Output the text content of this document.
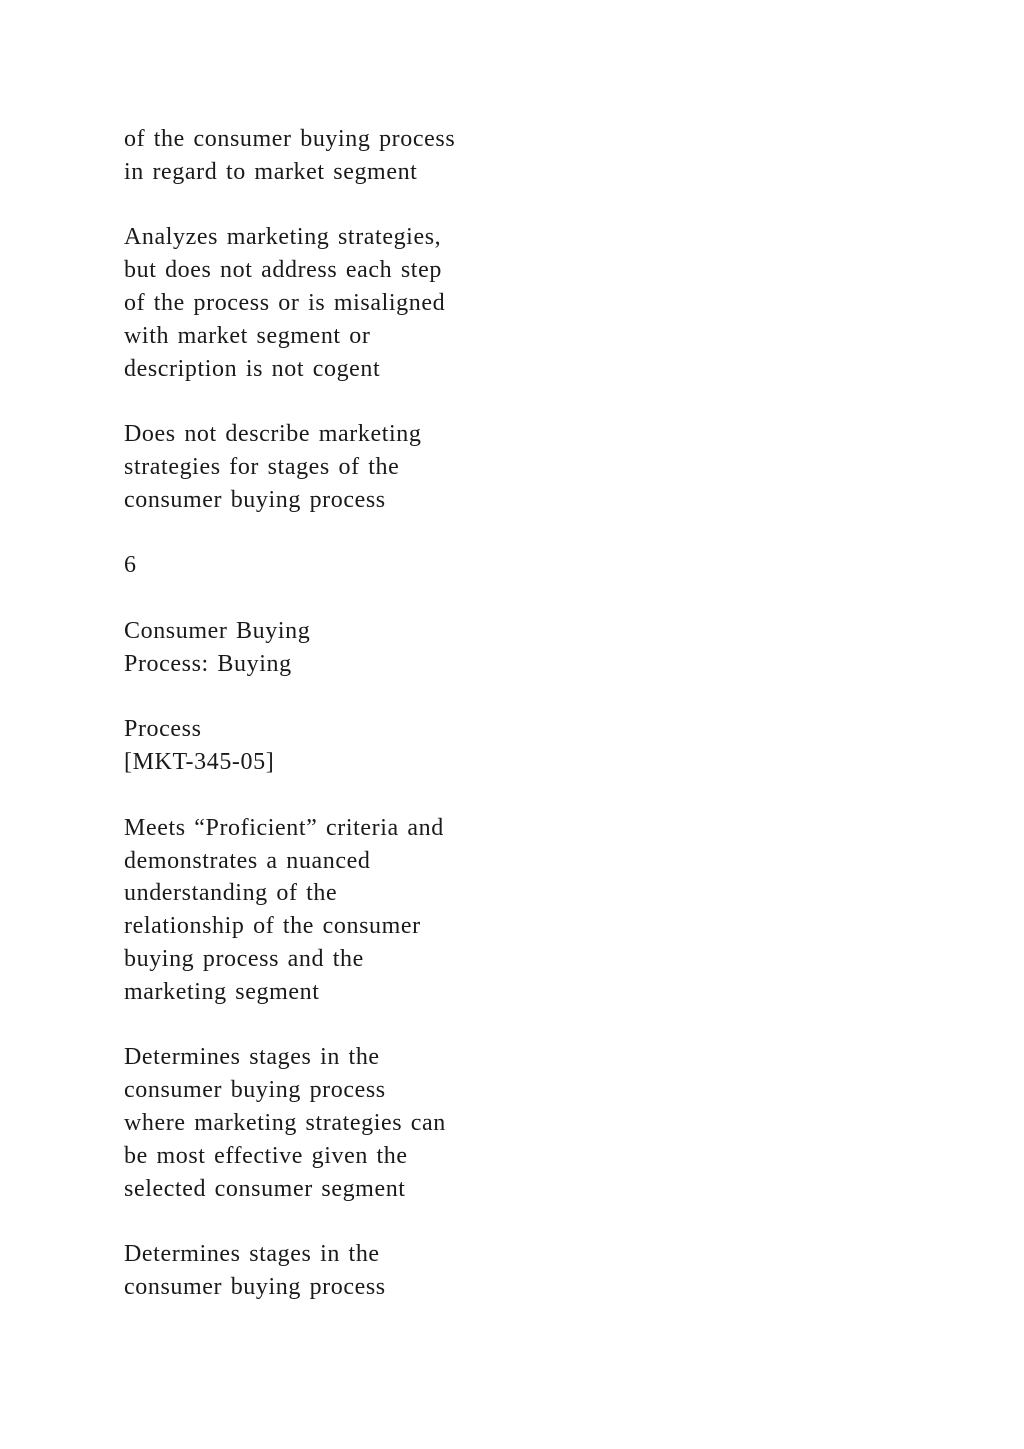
of the consumer buying process
in regard to market segment

Analyzes marketing strategies,
but does not address each step
of the process or is misaligned
with market segment or
description is not cogent

Does not describe marketing
strategies for stages of the
consumer buying process

6

Consumer Buying
Process: Buying

Process
[MKT-345-05]

Meets “Proficient” criteria and
demonstrates a nuanced
understanding of the
relationship of the consumer
buying process and the
marketing segment

Determines stages in the
consumer buying process
where marketing strategies can
be most effective given the
selected consumer segment

Determines stages in the
consumer buying process
